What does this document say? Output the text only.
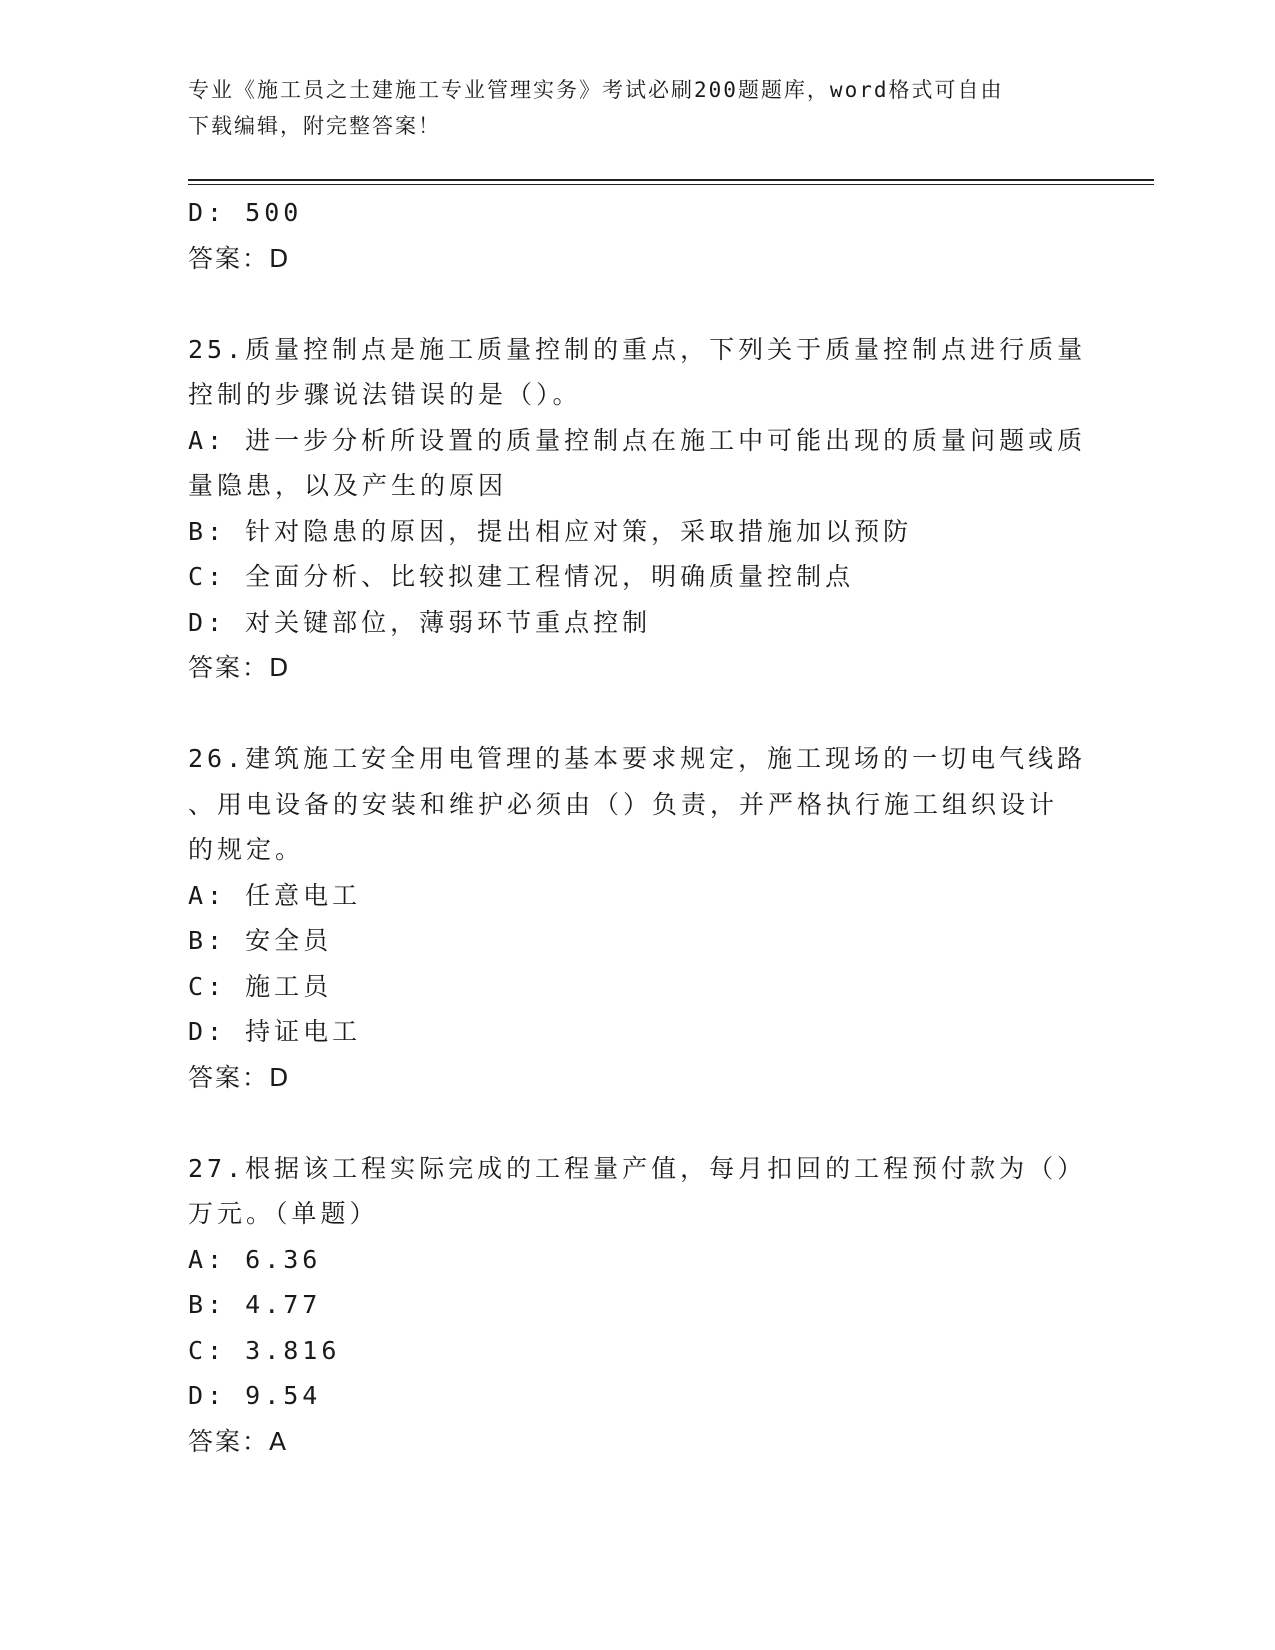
专业《施工员之土建施工专业管理实务》考试必刷200题题库，word格式可自由
下载编辑，附完整答案！
D: 500
答案：D
25.质量控制点是施工质量控制的重点，下列关于质量控制点进行质量
控制的步骤说法错误的是（）。
A: 进一步分析所设置的质量控制点在施工中可能出现的质量问题或质
量隐患，以及产生的原因
B: 针对隐患的原因，提出相应对策，采取措施加以预防
C: 全面分析、比较拟建工程情况，明确质量控制点
D: 对关键部位，薄弱环节重点控制
答案：D
26.建筑施工安全用电管理的基本要求规定，施工现场的一切电气线路
、用电设备的安装和维护必须由（）负责，并严格执行施工组织设计
的规定。
A: 任意电工
B: 安全员
C: 施工员
D: 持证电工
答案：D
27.根据该工程实际完成的工程量产值，每月扣回的工程预付款为（）
万元。（单题）
A: 6.36
B: 4.77
C: 3.816
D: 9.54
答案：A
